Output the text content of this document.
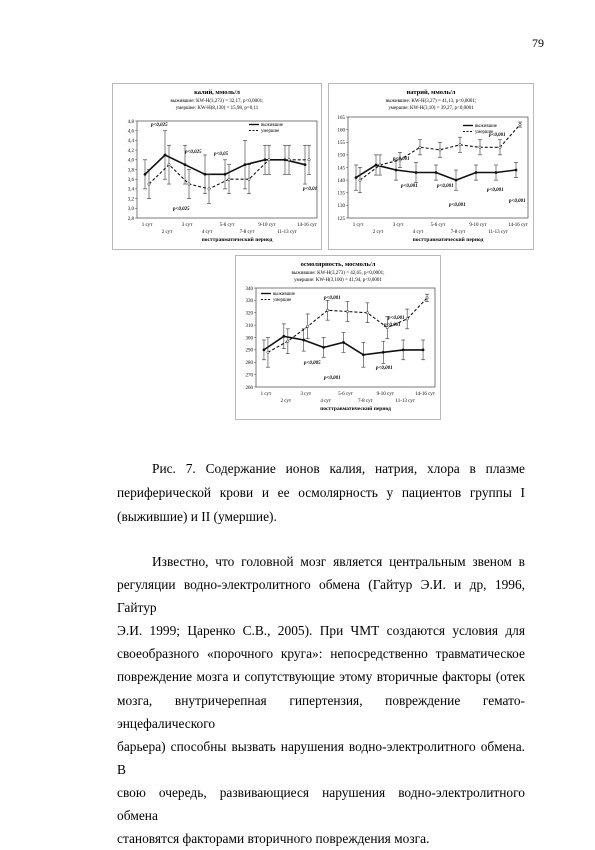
79
калий, ммоль/л
выжившие: KW-H(3,273) = 32,17, p<0,0001;
умершие: KW-H(8,130) = 15,98, p=0,11
2,8
3,0
3,2
3,4
3,6
3,8
4,0
4,2
4,4
4,6
4,8
1 сут	3 сут	5-6 сут	9-10 сут	14-16 сут
2 сут	4 сут	7-8 сут	11-13 сут
посттравматический период
выжившие
умершие
p<0,025
p<0,025 p<0,05
p<0,01
p<0,025
натрий, ммоль/л
выжившие: KW-H(3,27) = 41,13, p<0,0001;
умершие: KW-H(3,10) = 39,27, p<0,0001
125
130
135
140
145
150
155
160
165
1 сут	3 сут	5-6 сут	9-10 сут	14-16 сут
2 сут	4 сут	7-8 сут	11-13 сут
посттравматический период
выжившие
умершие
p<0,001
p<0,001
p<0,001	p<0,001
p<0,001
p<0,001
p<0,001
осмолярность, мосмоль/л
выжившие: KW-H(3,273) = 42,65, p<0,0001;
умершие: KW-H(3,100) = 41,94, p<0,0001
260
270
280
290
300
310
320
330
340
1 сут	3 сут	5-6 сут	9-10 сут	14-16 сут
2 сут	4 сут	7-8 сут	11-13 сут
посттравматический период
выжившие
умершие	p<0,001
p<0,001
p<0,001
p<0,005
p<0,001
p<0,001
Рис. 7. Содержание ионов калия, натрия, хлора в плазме
периферической крови и ее осмолярность у пациентов группы I
(выжившие) и II (умершие).
Известно, что головной мозг является центральным звеном в
регуляции водно-электролитного обмена (Гайтур Э.И. и др, 1996, Гайтур
Э.И. 1999; Царенко С.В., 2005). При ЧМТ создаются условия для
своеобразного «порочного круга»: непосредственно травматическое
повреждение мозга и сопутствующие этому вторичные факторы (отек
мозга, внутричерепная гипертензия, повреждение гемато-энцефалического
барьера) способны вызвать нарушения водно-электролитного обмена. В
свою очередь, развивающиеся нарушения водно-электролитного обмена
становятся факторами вторичного повреждения мозга.
